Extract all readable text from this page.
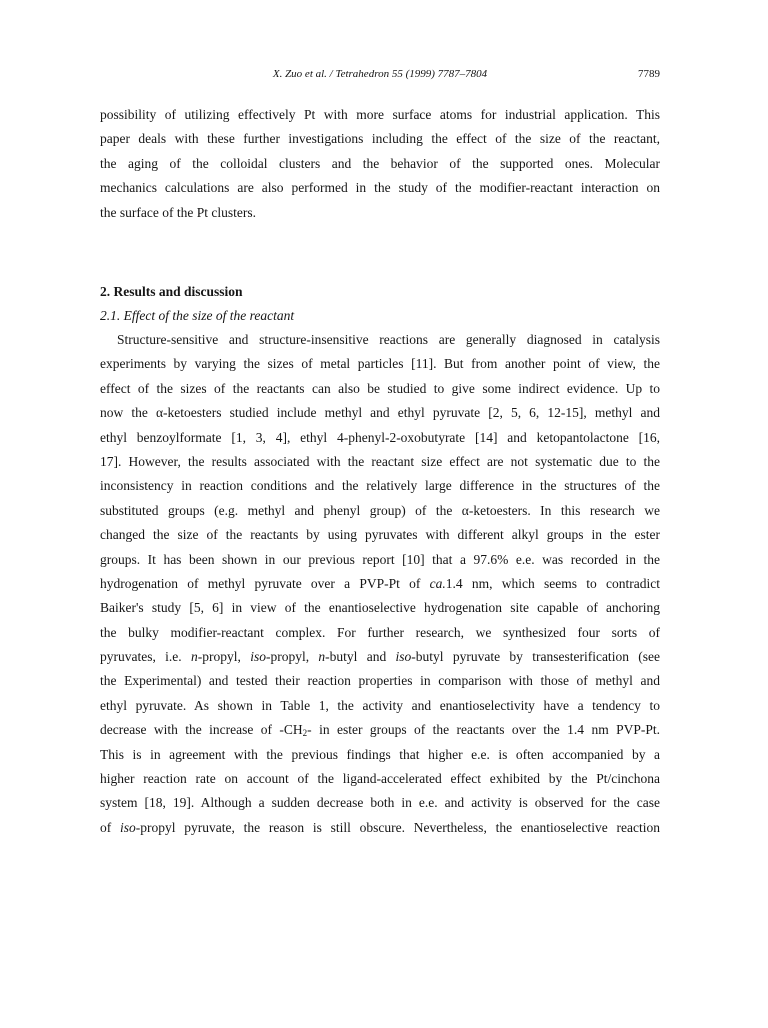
X. Zuo et al. / Tetrahedron 55 (1999) 7787–7804	7789
possibility of utilizing effectively Pt with more surface atoms for industrial application. This
paper deals with these further investigations including the effect of the size of the reactant,
the aging of the colloidal clusters and the behavior of the supported ones. Molecular
mechanics calculations are also performed in the study of the modifier-reactant interaction on
the surface of the Pt clusters.
2. Results and discussion
2.1. Effect of the size of the reactant
Structure-sensitive and structure-insensitive reactions are generally diagnosed in catalysis
experiments by varying the sizes of metal particles [11]. But from another point of view, the
effect of the sizes of the reactants can also be studied to give some indirect evidence. Up to
now the α-ketoesters studied include methyl and ethyl pyruvate [2, 5, 6, 12-15], methyl and
ethyl benzoylformate [1, 3, 4], ethyl 4-phenyl-2-oxobutyrate [14] and ketopantolactone [16,
17]. However, the results associated with the reactant size effect are not systematic due to the
inconsistency in reaction conditions and the relatively large difference in the structures of the
substituted groups (e.g. methyl and phenyl group) of the α-ketoesters. In this research we
changed the size of the reactants by using pyruvates with different alkyl groups in the ester
groups. It has been shown in our previous report [10] that a 97.6% e.e. was recorded in the
hydrogenation of methyl pyruvate over a PVP-Pt of ca.1.4 nm, which seems to contradict
Baiker's study [5, 6] in view of the enantioselective hydrogenation site capable of anchoring
the bulky modifier-reactant complex. For further research, we synthesized four sorts of
pyruvates, i.e. n-propyl, iso-propyl, n-butyl and iso-butyl pyruvate by transesterification (see
the Experimental) and tested their reaction properties in comparison with those of methyl and
ethyl pyruvate. As shown in Table 1, the activity and enantioselectivity have a tendency to
decrease with the increase of $-CH_2-$ in ester groups of the reactants over the 1.4 nm PVP-Pt.
This is in agreement with the previous findings that higher e.e. is often accompanied by a
higher reaction rate on account of the ligand-accelerated effect exhibited by the Pt/cinchona
system [18, 19]. Although a sudden decrease both in e.e. and activity is observed for the case
of iso-propyl pyruvate, the reason is still obscure. Nevertheless, the enantioselective reaction
